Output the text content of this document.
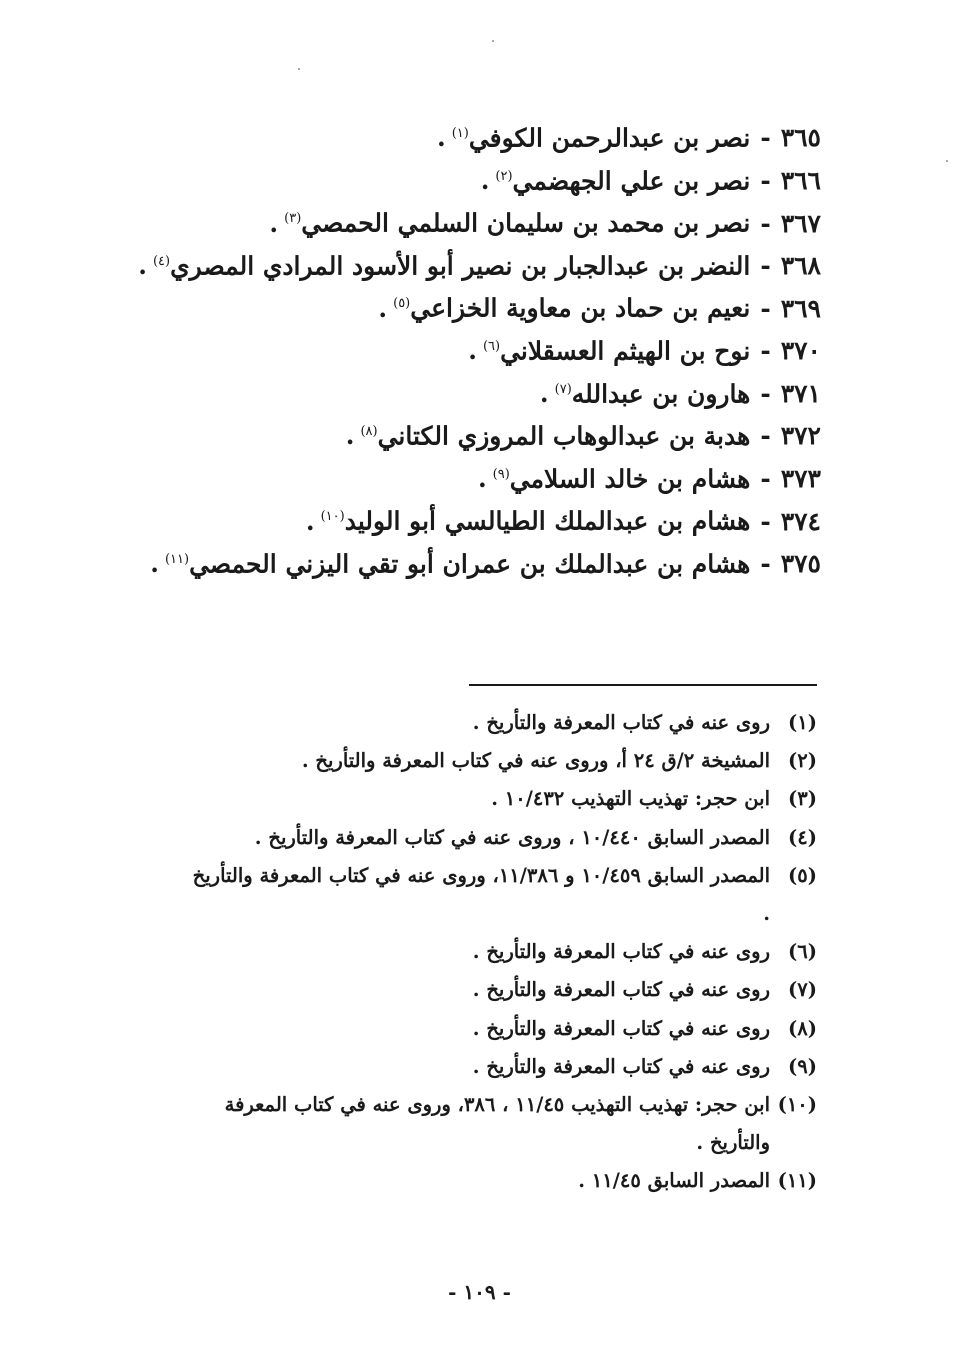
٣٦٥-نصر بن عبدالرحمن الكوفي$^{(١)}$.
٣٦٦-نصر بن علي الجهضمي$^{(٢)}$.
٣٦٧-نصر بن محمد بن سليمان السلمي الحمصي$^{(٣)}$.
٣٦٨-النضر بن عبدالجبار بن نصير أبو الأسود المرادي المصري$^{(٤)}$.
٣٦٩-نعيم بن حماد بن معاوية الخزاعي$^{(٥)}$.
٣٧٠-نوح بن الهيثم العسقلاني$^{(٦)}$.
٣٧١-هارون بن عبدالله$^{(٧)}$.
٣٧٢-هدبة بن عبدالوهاب المروزي الكتاني$^{(٨)}$.
٣٧٣-هشام بن خالد السلامي$^{(٩)}$.
٣٧٤-هشام بن عبدالملك الطيالسي أبو الوليد$^{(١٠)}$.
٣٧٥-هشام بن عبدالملك بن عمران أبو تقي اليزني الحمصي$^{(١١)}$.
(١)
روى عنه في كتاب المعرفة والتأريخ .
(٢)
المشيخة ٢/ق ٢٤ أ، وروى عنه في كتاب المعرفة والتأريخ .
(٣)
ابن حجر: تهذيب التهذيب ١٠/٤٣٢ .
(٤)
المصدر السابق ١٠/٤٤٠ ، وروى عنه في كتاب المعرفة والتأريخ .
(٥)
المصدر السابق ١٠/٤٥٩ و ١١/٣٨٦، وروى عنه في كتاب المعرفة والتأريخ .
(٦)
روى عنه في كتاب المعرفة والتأريخ .
(٧)
روى عنه في كتاب المعرفة والتأريخ .
(٨)
روى عنه في كتاب المعرفة والتأريخ .
(٩)
روى عنه في كتاب المعرفة والتأريخ .
(١٠)
ابن حجر: تهذيب التهذيب ١١/٤٥ ، ٣٨٦، وروى عنه في كتاب المعرفة والتأريخ .
(١١)
المصدر السابق ١١/٤٥ .
- ١٠٩ -
